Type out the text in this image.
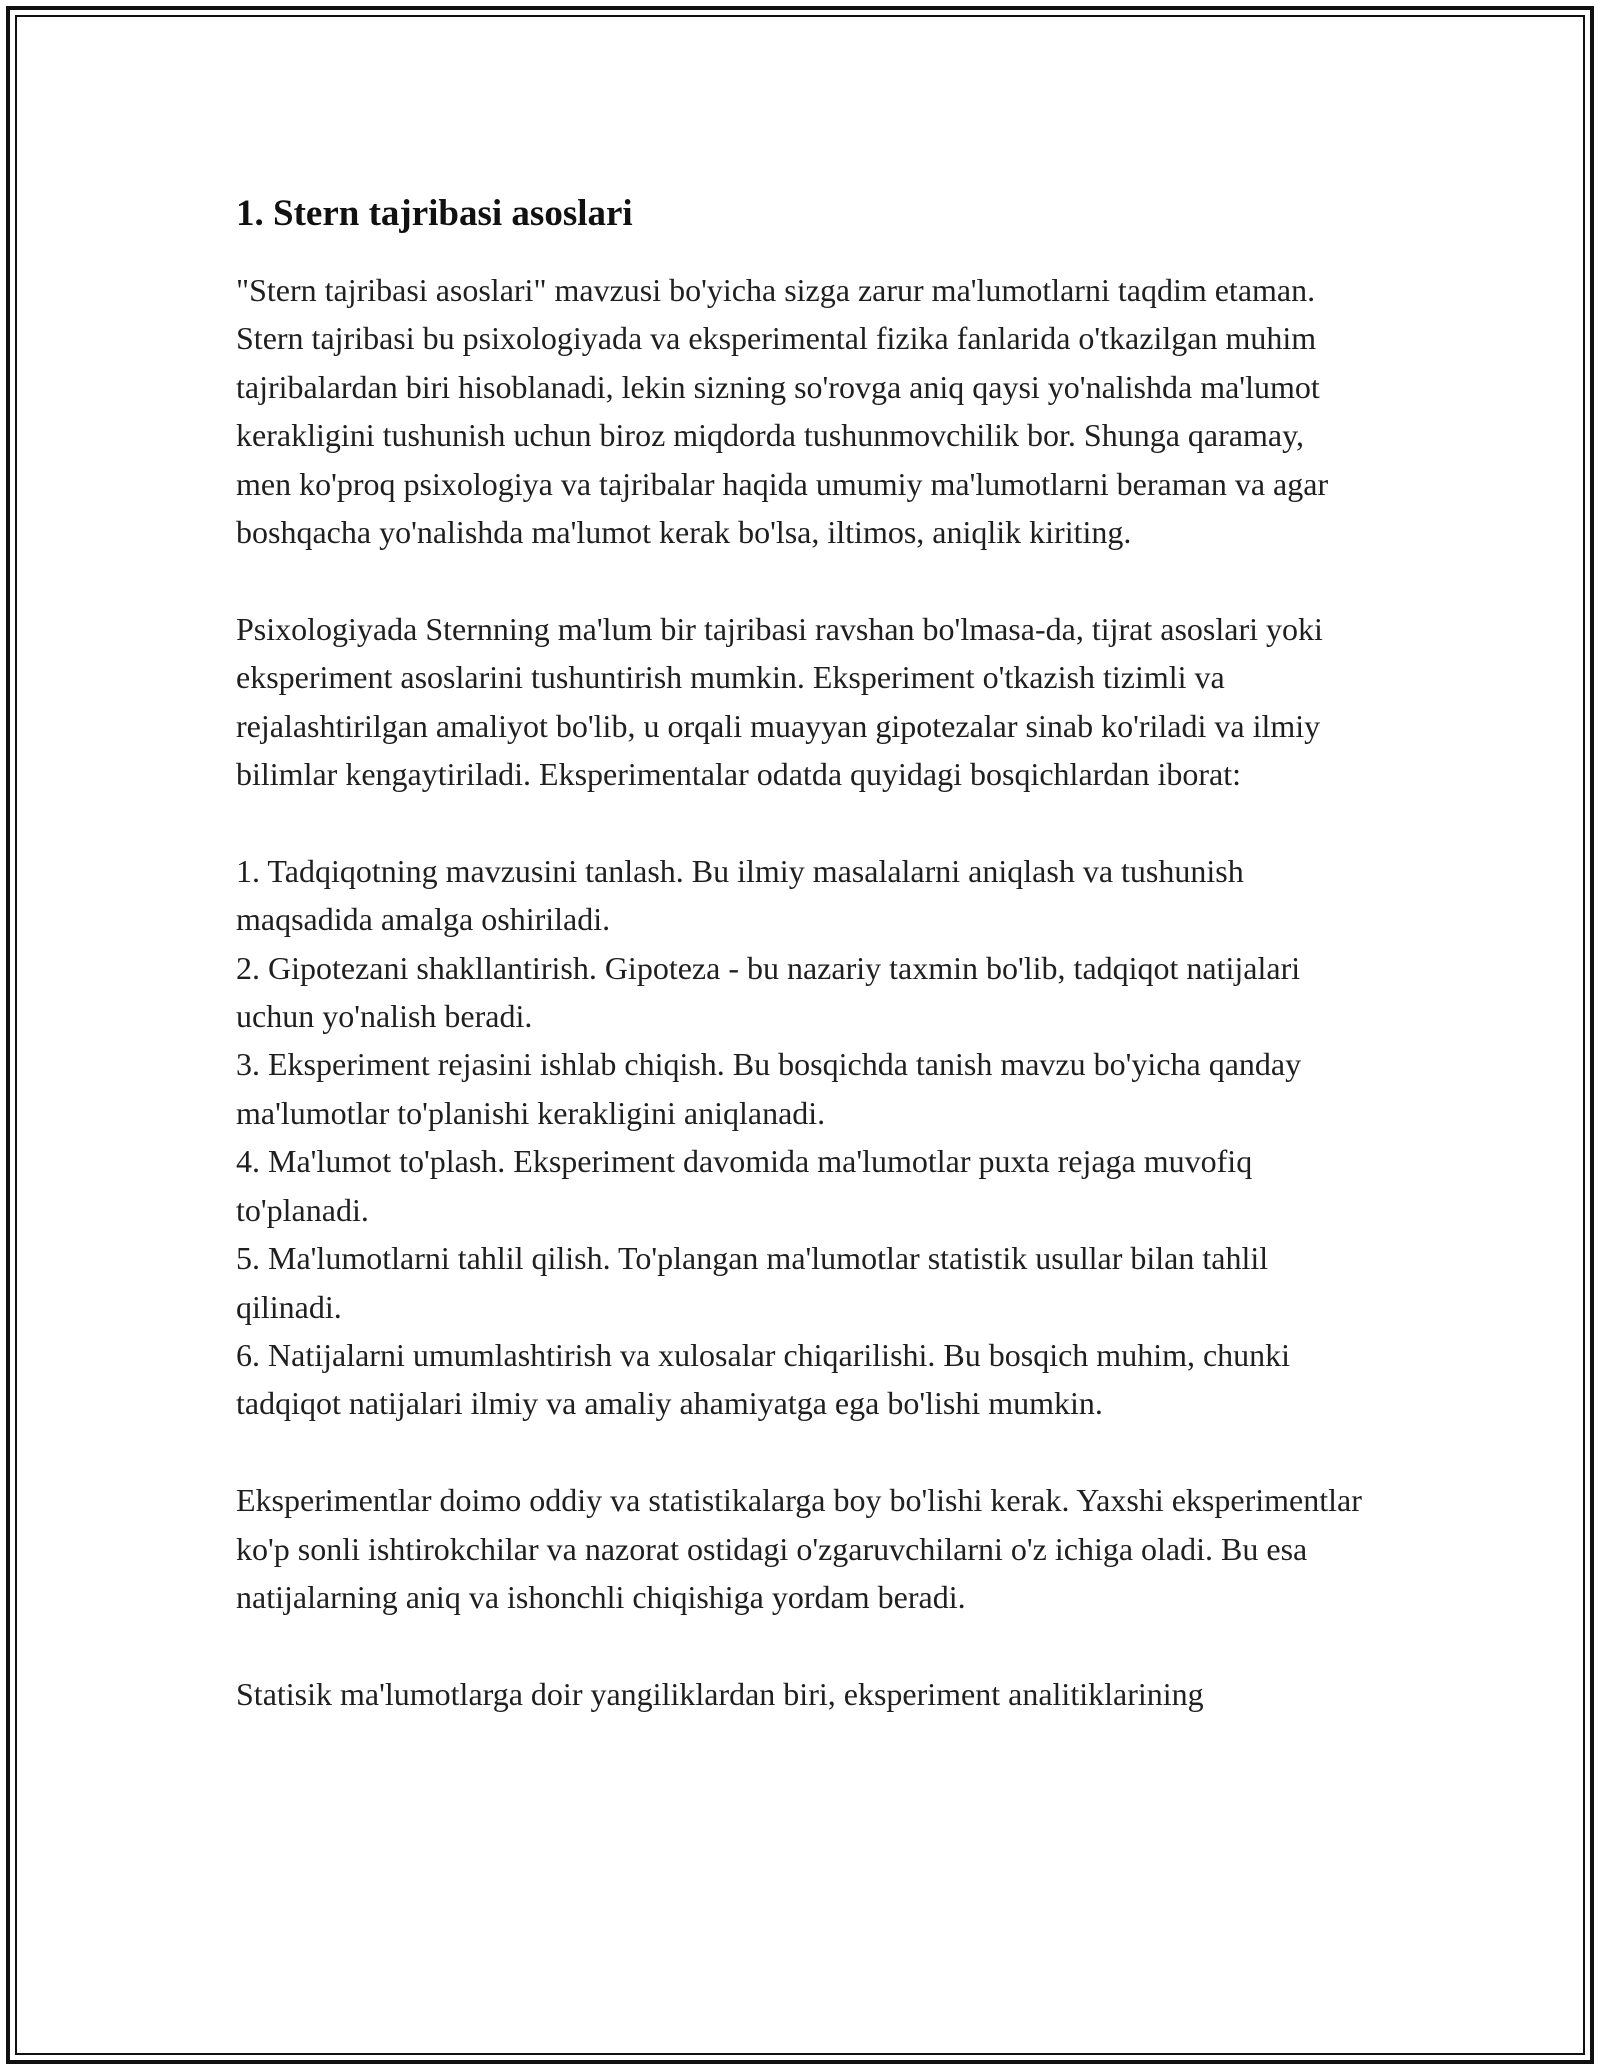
1. Stern tajribasi asoslari

"Stern tajribasi asoslari" mavzusi bo'yicha sizga zarur ma'lumotlarni taqdim etaman. Stern tajribasi bu psixologiyada va eksperimental fizika fanlarida o'tkazilgan muhim tajribalardan biri hisoblanadi, lekin sizning so'rovga aniq qaysi yo'nalishda ma'lumot kerakligini tushunish uchun biroz miqdorda tushunmovchilik bor. Shunga qaramay, men ko'proq psixologiya va tajribalar haqida umumiy ma'lumotlarni beraman va agar boshqacha yo'nalishda ma'lumot kerak bo'lsa, iltimos, aniqlik kiriting.

Psixologiyada Sternning ma'lum bir tajribasi ravshan bo'lmasa-da, tijrat asoslari yoki eksperiment asoslarini tushuntirish mumkin. Eksperiment o'tkazish tizimli va rejalashtirilgan amaliyot bo'lib, u orqali muayyan gipotezalar sinab ko'riladi va ilmiy bilimlar kengaytiriladi. Eksperimentalar odatda quyidagi bosqichlardan iborat:

1. Tadqiqotning mavzusini tanlash. Bu ilmiy masalalarni aniqlash va tushunish maqsadida amalga oshiriladi.

2. Gipotezani shakllantirish. Gipoteza - bu nazariy taxmin bo'lib, tadqiqot natijalari uchun yo'nalish beradi.

3. Eksperiment rejasini ishlab chiqish. Bu bosqichda tanish mavzu bo'yicha qanday ma'lumotlar to'planishi kerakligini aniqlanadi.

4. Ma'lumot to'plash. Eksperiment davomida ma'lumotlar puxta rejaga muvofiq to'planadi.

5. Ma'lumotlarni tahlil qilish. To'plangan ma'lumotlar statistik usullar bilan tahlil qilinadi.

6. Natijalarni umumlashtirish va xulosalar chiqarilishi. Bu bosqich muhim, chunki tadqiqot natijalari ilmiy va amaliy ahamiyatga ega bo'lishi mumkin.

Eksperimentlar doimo oddiy va statistikalarga boy bo'lishi kerak. Yaxshi eksperimentlar ko'p sonli ishtirokchilar va nazorat ostidagi o'zgaruvchilarni o'z ichiga oladi. Bu esa natijalarning aniq va ishonchli chiqishiga yordam beradi.

Statisik ma'lumotlarga doir yangiliklardan biri, eksperiment analitiklarining
